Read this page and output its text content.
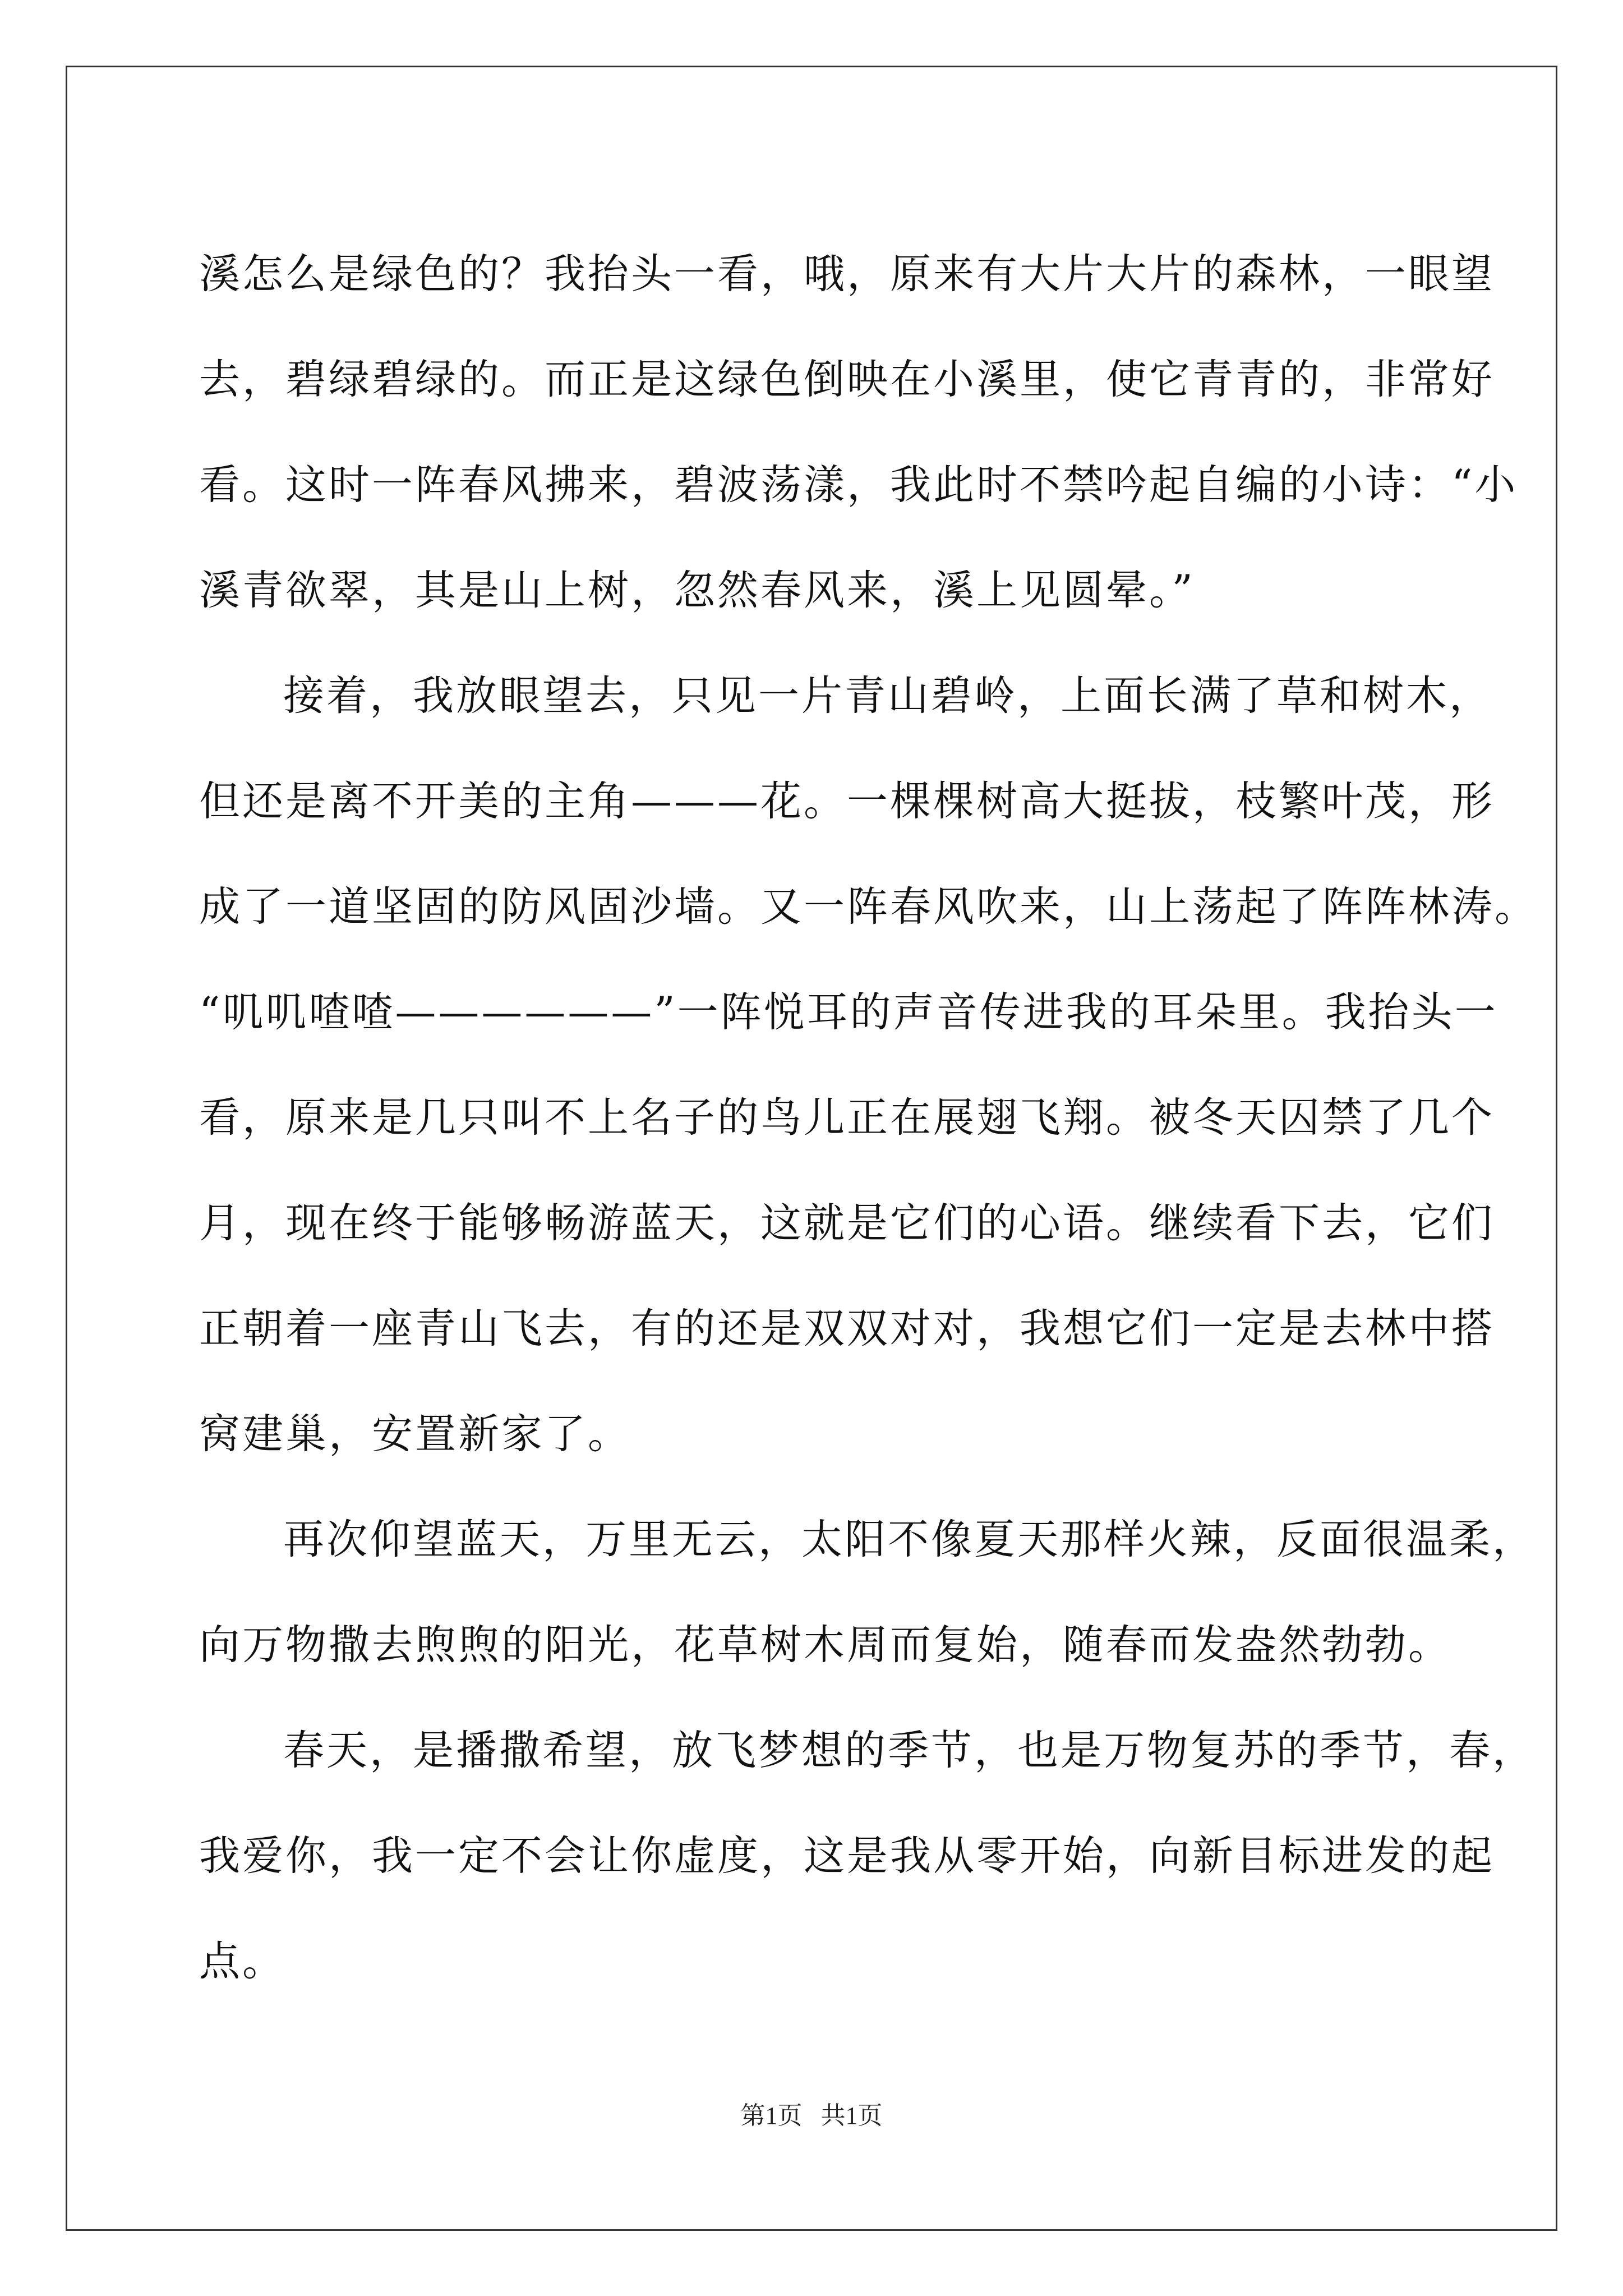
溪怎么是绿色的？我抬头一看，哦，原来有大片大片的森林，一眼望
去，碧绿碧绿的。而正是这绿色倒映在小溪里，使它青青的，非常好
看。这时一阵春风拂来，碧波荡漾，我此时不禁吟起自编的小诗：“小
溪青欲翠，其是山上树，忽然春风来，溪上见圆晕。”
接着，我放眼望去，只见一片青山碧岭，上面长满了草和树木，
但还是离不开美的主角———花。一棵棵树高大挺拔，枝繁叶茂，形
成了一道坚固的防风固沙墙。又一阵春风吹来，山上荡起了阵阵林涛。
“叽叽喳喳——————”一阵悦耳的声音传进我的耳朵里。我抬头一
看，原来是几只叫不上名子的鸟儿正在展翅飞翔。被冬天囚禁了几个
月，现在终于能够畅游蓝天，这就是它们的心语。继续看下去，它们
正朝着一座青山飞去，有的还是双双对对，我想它们一定是去林中搭
窝建巢，安置新家了。
再次仰望蓝天，万里无云，太阳不像夏天那样火辣，反面很温柔，
向万物撒去煦煦的阳光，花草树木周而复始，随春而发盎然勃勃。
春天，是播撒希望，放飞梦想的季节，也是万物复苏的季节，春，
我爱你，我一定不会让你虚度，这是我从零开始，向新目标进发的起
点。
第1页 共1页
